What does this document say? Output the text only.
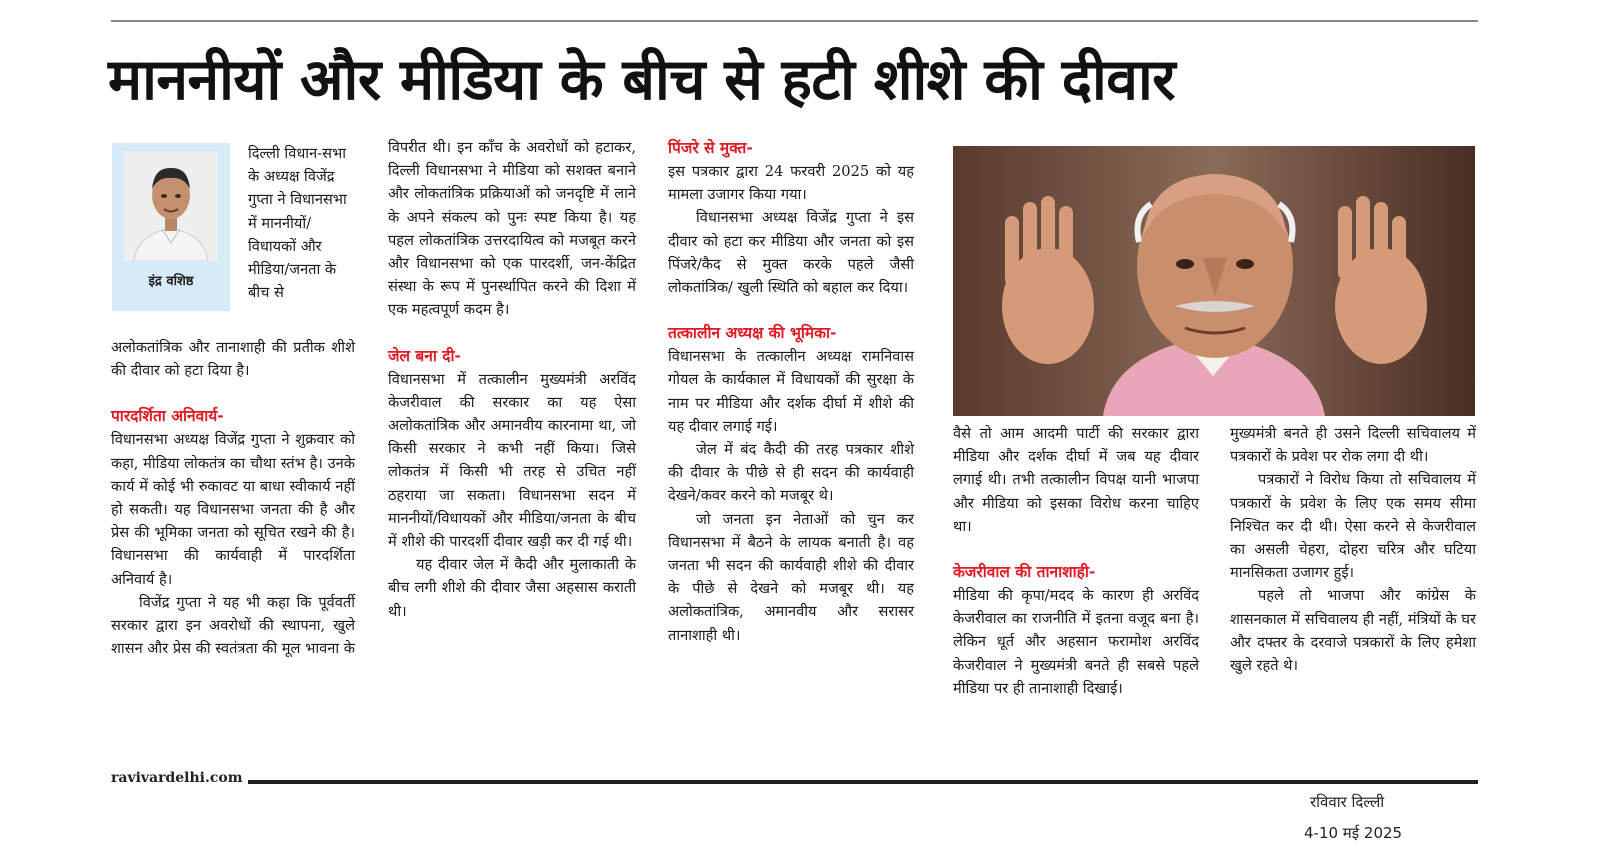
माननीयों और मीडिया के बीच से हटी शीशे की दीवार
इंद्र वशिष्ठ

दिल्ली विधान-सभा के अध्यक्ष विजेंद्र गुप्ता ने विधानसभा में माननीयों/ विधायकों और मीडिया/जनता के बीच से

अलोकतांत्रिक और तानाशाही की प्रतीक शीशे की दीवार को हटा दिया है।

पारदर्शिता अनिवार्य-

विधानसभा अध्यक्ष विजेंद्र गुप्ता ने शुक्रवार को कहा, मीडिया लोकतंत्र का चौथा स्तंभ है। उनके कार्य में कोई भी रुकावट या बाधा स्वीकार्य नहीं हो सकती। यह विधानसभा जनता की है और प्रेस की भूमिका जनता को सूचित रखने की है। विधानसभा की कार्यवाही में पारदर्शिता अनिवार्य है।

विजेंद्र गुप्ता ने यह भी कहा कि पूर्ववर्ती सरकार द्वारा इन अवरोधों की स्थापना, खुले शासन और प्रेस की स्वतंत्रता की मूल भावना के

विपरीत थी। इन काँच के अवरोधों को हटाकर, दिल्ली विधानसभा ने मीडिया को सशक्त बनाने और लोकतांत्रिक प्रक्रियाओं को जनदृष्टि में लाने के अपने संकल्प को पुनः स्पष्ट किया है। यह पहल लोकतांत्रिक उत्तरदायित्व को मजबूत करने और विधानसभा को एक पारदर्शी, जन-केंद्रित संस्था के रूप में पुनर्स्थापित करने की दिशा में एक महत्वपूर्ण कदम है।

जेल बना दी-

विधानसभा में तत्कालीन मुख्यमंत्री अरविंद केजरीवाल की सरकार का यह ऐसा अलोकतांत्रिक और अमानवीय कारनामा था, जो किसी सरकार ने कभी नहीं किया। जिसे लोकतंत्र में किसी भी तरह से उचित नहीं ठहराया जा सकता। विधानसभा सदन में माननीयों/विधायकों और मीडिया/जनता के बीच में शीशे की पारदर्शी दीवार खड़ी कर दी गई थी।

यह दीवार जेल में कैदी और मुलाकाती के बीच लगी शीशे की दीवार जैसा अहसास कराती थी।

पिंजरे से मुक्त-

इस पत्रकार द्वारा 24 फरवरी 2025 को यह मामला उजागर किया गया।

विधानसभा अध्यक्ष विजेंद्र गुप्ता ने इस दीवार को हटा कर मीडिया और जनता को इस पिंजरे/कैद से मुक्त करके पहले जैसी लोकतांत्रिक/ खुली स्थिति को बहाल कर दिया।

तत्कालीन अध्यक्ष की भूमिका-

विधानसभा के तत्कालीन अध्यक्ष रामनिवास गोयल के कार्यकाल में विधायकों की सुरक्षा के नाम पर मीडिया और दर्शक दीर्घा में शीशे की यह दीवार लगाई गई।

जेल में बंद कैदी की तरह पत्रकार शीशे की दीवार के पीछे से ही सदन की कार्यवाही देखने/कवर करने को मजबूर थे।

जो जनता इन नेताओं को चुन कर विधानसभा में बैठने के लायक बनाती है। वह जनता भी सदन की कार्यवाही शीशे की दीवार के पीछे से देखने को मजबूर थी। यह अलोकतांत्रिक, अमानवीय और सरासर तानाशाही थी।

वैसे तो आम आदमी पार्टी की सरकार द्वारा मीडिया और दर्शक दीर्घा में जब यह दीवार लगाई थी। तभी तत्कालीन विपक्ष यानी भाजपा और मीडिया को इसका विरोध करना चाहिए था।

केजरीवाल की तानाशाही-

मीडिया की कृपा/मदद के कारण ही अरविंद केजरीवाल का राजनीति में इतना वजूद बना है। लेकिन धूर्त और अहसान फरामोश अरविंद केजरीवाल ने मुख्यमंत्री बनते ही सबसे पहले मीडिया पर ही तानाशाही दिखाई।

मुख्यमंत्री बनते ही उसने दिल्ली सचिवालय में पत्रकारों के प्रवेश पर रोक लगा दी थी।

पत्रकारों ने विरोध किया तो सचिवालय में पत्रकारों के प्रवेश के लिए एक समय सीमा निश्चित कर दी थी। ऐसा करने से केजरीवाल का असली चेहरा, दोहरा चरित्र और घटिया मानसिकता उजागर हुई।

पहले तो भाजपा और कांग्रेस के शासनकाल में सचिवालय ही नहीं, मंत्रियों के घर और दफ्तर के दरवाजे पत्रकारों के लिए हमेशा खुले रहते थे।

ravivardelhi.com
रविवार दिल्ली
4-10 मई 2025
